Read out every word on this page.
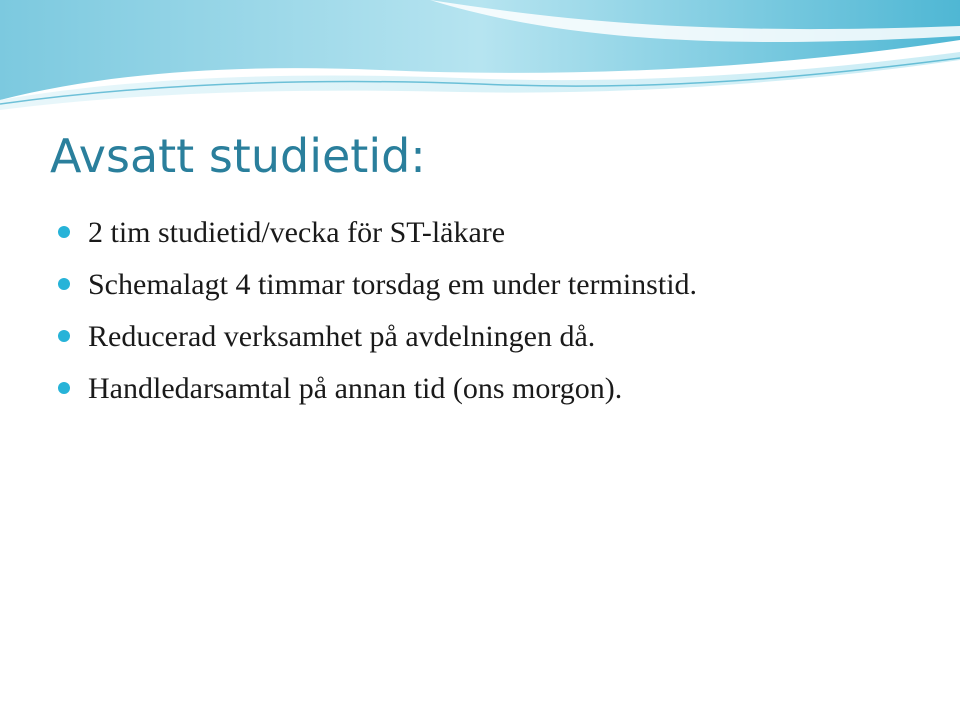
Avsatt studietid:
2 tim studietid/vecka för ST-läkare
Schemalagt 4 timmar torsdag em under terminstid.
Reducerad verksamhet på avdelningen då.
Handledarsamtal på annan tid (ons morgon).
